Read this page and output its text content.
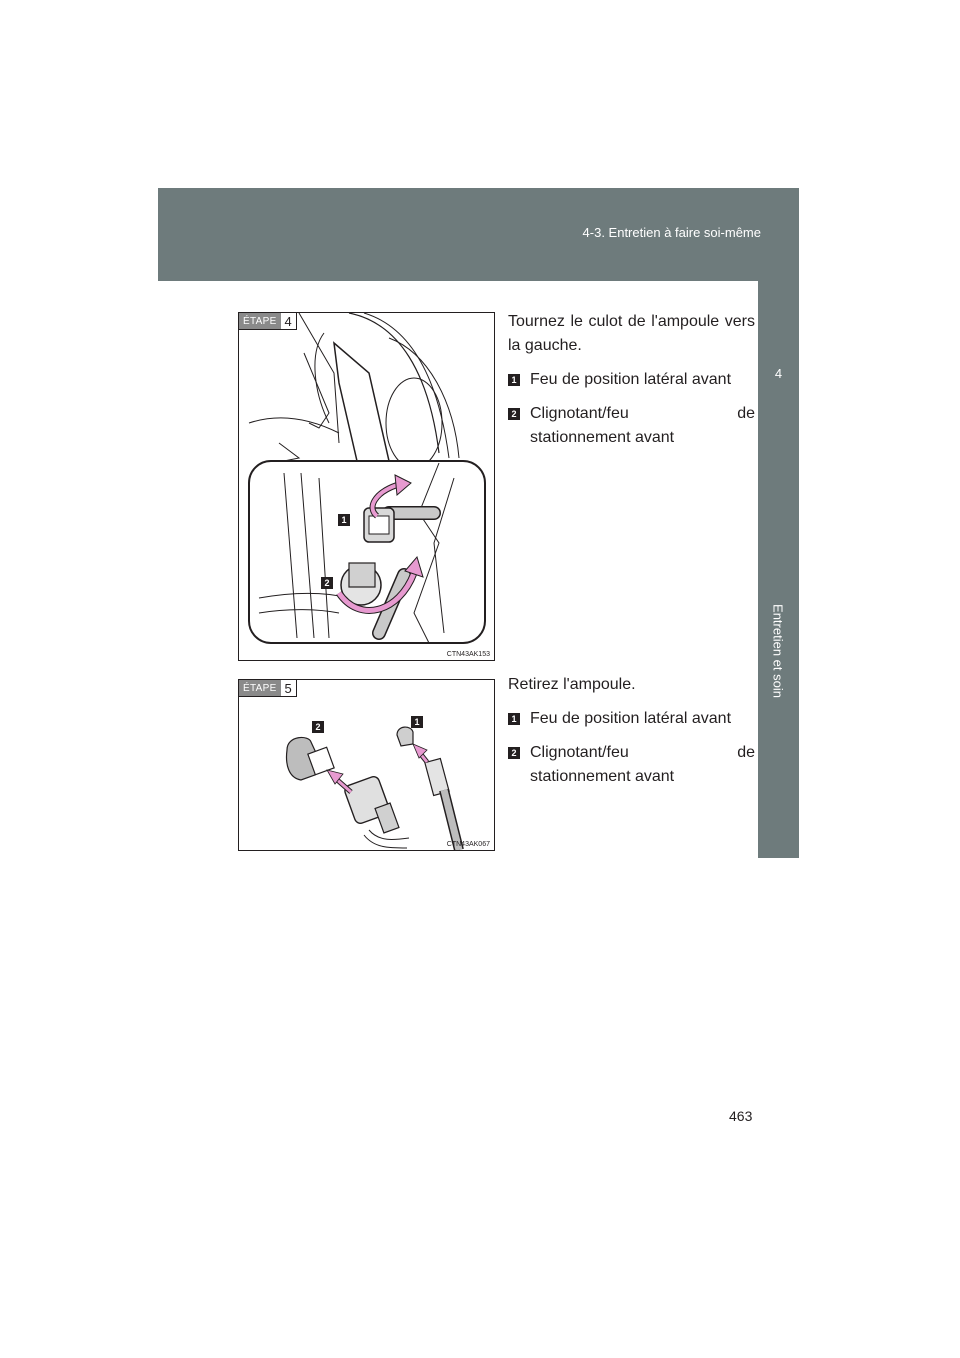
4-3. Entretien à faire soi-même
4
Entretien et soin
ÉTAPE 4
1
2
CTN43AK153

Tournez le culot de l'ampoule vers la gauche.

1 Feu de position latéral avant
2 Clignotant/feu de stationnement avant
ÉTAPE 5
2	1
CTN43AK067

Retirez l'ampoule.

1 Feu de position latéral avant
2 Clignotant/feu de stationnement avant
463
